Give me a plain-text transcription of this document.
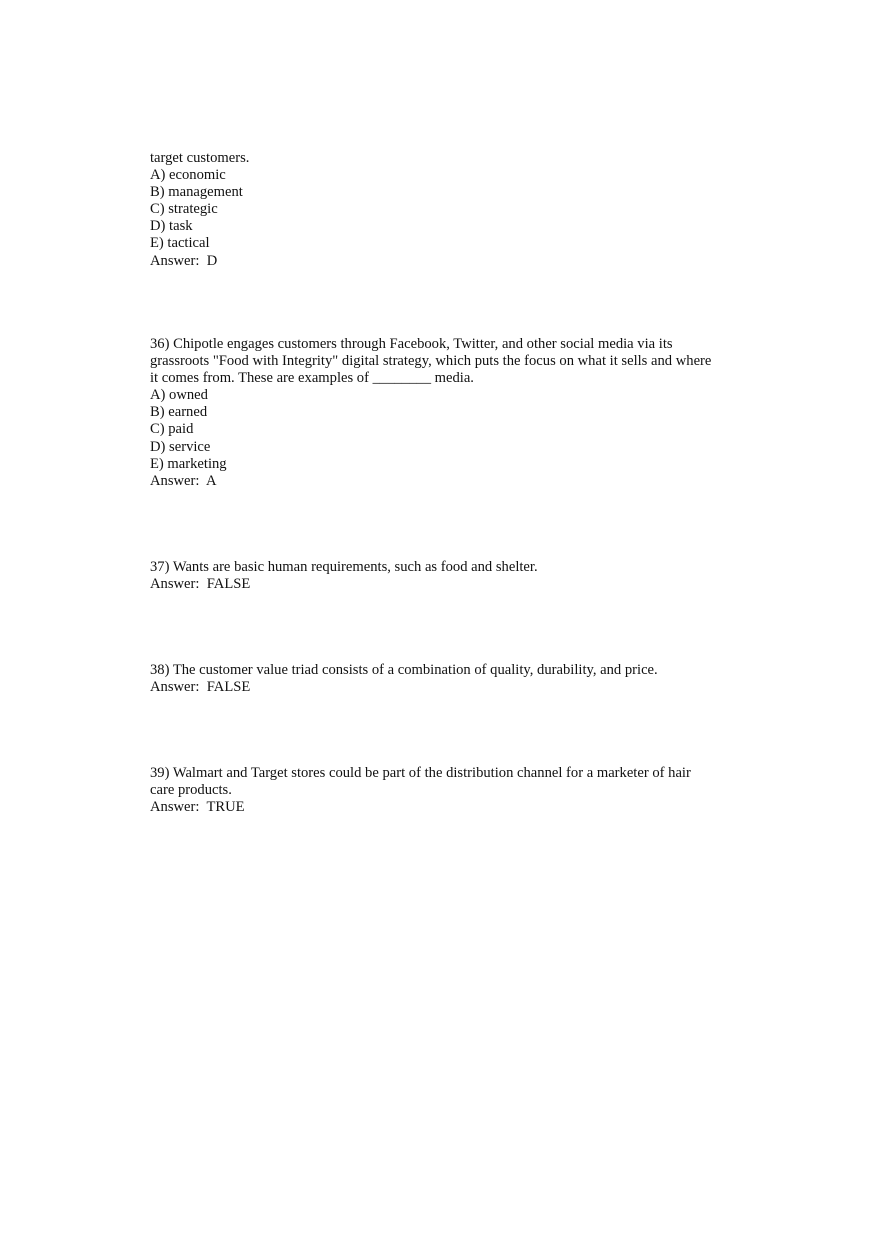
target customers.
A) economic
B) management
C) strategic
D) task
E) tactical
Answer:  D
36) Chipotle engages customers through Facebook, Twitter, and other social media via its
grassroots "Food with Integrity" digital strategy, which puts the focus on what it sells and where
it comes from. These are examples of ________ media.
A) owned
B) earned
C) paid
D) service
E) marketing
Answer:  A
37) Wants are basic human requirements, such as food and shelter.
Answer:  FALSE
38) The customer value triad consists of a combination of quality, durability, and price.
Answer:  FALSE
39) Walmart and Target stores could be part of the distribution channel for a marketer of hair
care products.
Answer:  TRUE
